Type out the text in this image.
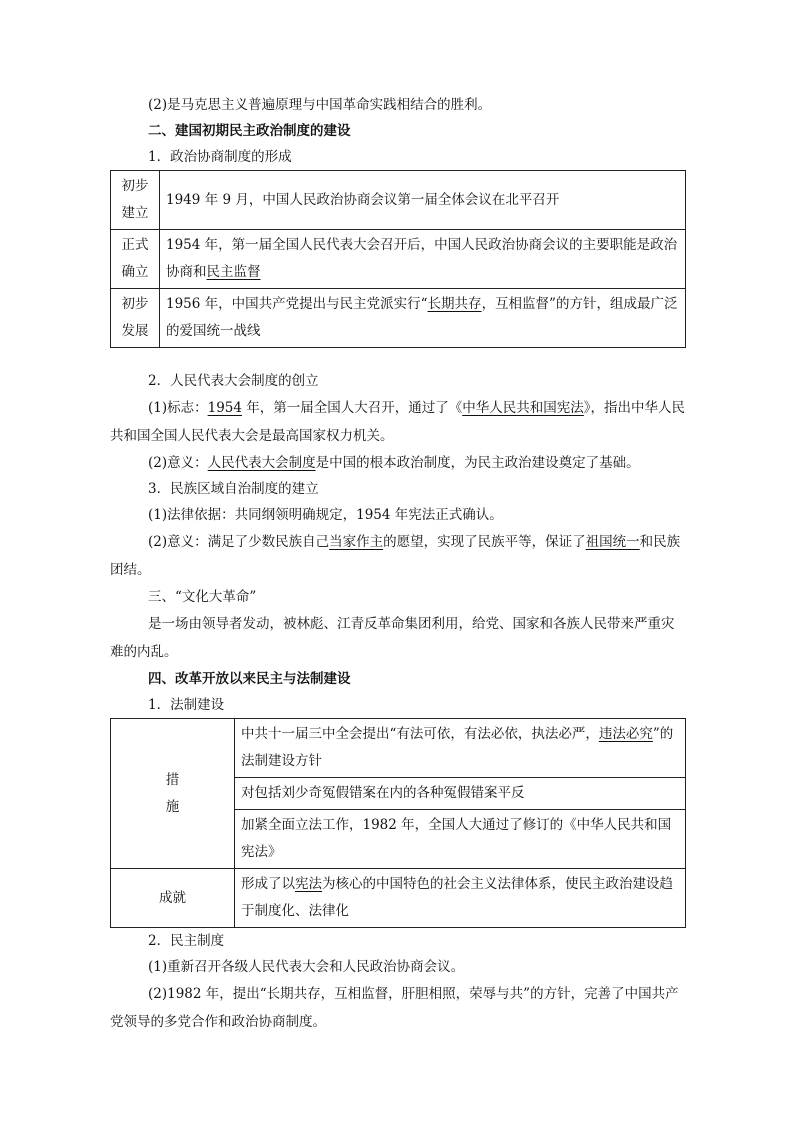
(2)是马克思主义普遍原理与中国革命实践相结合的胜利。

二、建国初期民主政治制度的建设

1．政治协商制度的形成

初步
建立	1949 年 9 月，中国人民政治协商会议第一届全体会议在北平召开
正式
确立	1954 年，第一届全国人民代表大会召开后，中国人民政治协商会议的主要职能是政治协商和民主监督
初步
发展	1956 年，中国共产党提出与民主党派实行“长期共存，互相监督”的方针，组成最广泛的爱国统一战线

2．人民代表大会制度的创立

(1)标志：1954 年，第一届全国人大召开，通过了《中华人民共和国宪法》，指出中华人民共和国全国人民代表大会是最高国家权力机关。

(2)意义：人民代表大会制度是中国的根本政治制度，为民主政治建设奠定了基础。

3．民族区域自治制度的建立

(1)法律依据：共同纲领明确规定，1954 年宪法正式确认。

(2)意义：满足了少数民族自己当家作主的愿望，实现了民族平等，保证了祖国统一和民族团结。

三、“文化大革命”

是一场由领导者发动，被林彪、江青反革命集团利用，给党、国家和各族人民带来严重灾难的内乱。

四、改革开放以来民主与法制建设

1．法制建设

措
施	中共十一届三中全会提出“有法可依，有法必依，执法必严，违法必究”的法制建设方针
	对包括刘少奇冤假错案在内的各种冤假错案平反
	加紧全面立法工作，1982 年，全国人大通过了修订的《中华人民共和国宪法》
成就	形成了以宪法为核心的中国特色的社会主义法律体系，使民主政治建设趋于制度化、法律化

2．民主制度

(1)重新召开各级人民代表大会和人民政治协商会议。

(2)1982 年，提出“长期共存，互相监督，肝胆相照，荣辱与共”的方针，完善了中国共产党领导的多党合作和政治协商制度。
